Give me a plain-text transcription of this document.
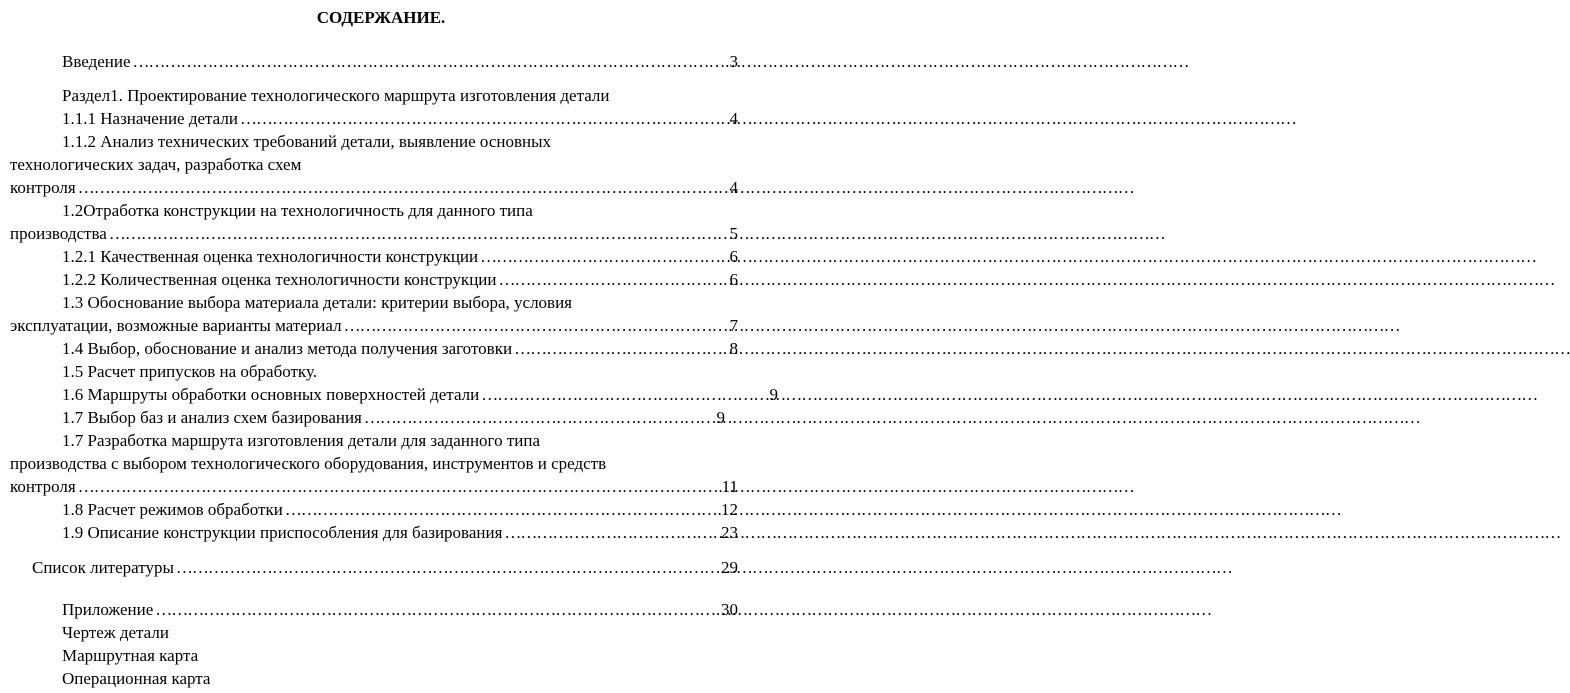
СОДЕРЖАНИЕ.
Введение ………………………………………………………………………………………………………………………………………………………………………………	3
Раздел1. Проектирование технологического маршрута изготовления детали
1.1.1 Назначение детали ………………………………………………………………………………………………………………………………………………………………………………	4
1.1.2 Анализ технических требований детали, выявление основных
технологических задач, разработка схем
контроля ………………………………………………………………………………………………………………………………………………………………………………	4
1.2Отработка конструкции на технологичность для данного типа
производства ………………………………………………………………………………………………………………………………………………………………………………	5
1.2.1 Качественная оценка технологичности конструкции ………………………………………………………………………………………………………………………………………………………………………………	6
1.2.2 Количественная оценка технологичности конструкции ………………………………………………………………………………………………………………………………………………………………………………	6
1.3 Обоснование выбора материала детали: критерии выбора, условия
эксплуатации, возможные варианты материал ………………………………………………………………………………………………………………………………………………………………………………	7
1.4 Выбор, обоснование и анализ метода получения заготовки ………………………………………………………………………………………………………………………………………………………………………………	8
1.5 Расчет припусков на обработку.
1.6 Маршруты обработки основных поверхностей детали ………………………………………………………………………………………………………………………………………………………………………………	9
1.7 Выбор баз и анализ схем базирования ………………………………………………………………………………………………………………………………………………………………………………	9
1.7 Разработка маршрута изготовления детали для заданного типа
производства с выбором технологического оборудования, инструментов и средств
контроля ………………………………………………………………………………………………………………………………………………………………………………	11
1.8 Расчет режимов обработки ………………………………………………………………………………………………………………………………………………………………………………	12
1.9 Описание конструкции приспособления для базирования ………………………………………………………………………………………………………………………………………………………………………………	23
Список литературы ………………………………………………………………………………………………………………………………………………………………………………	29
Приложение ………………………………………………………………………………………………………………………………………………………………………………	30
Чертеж детали
Маршрутная карта
Операционная карта
